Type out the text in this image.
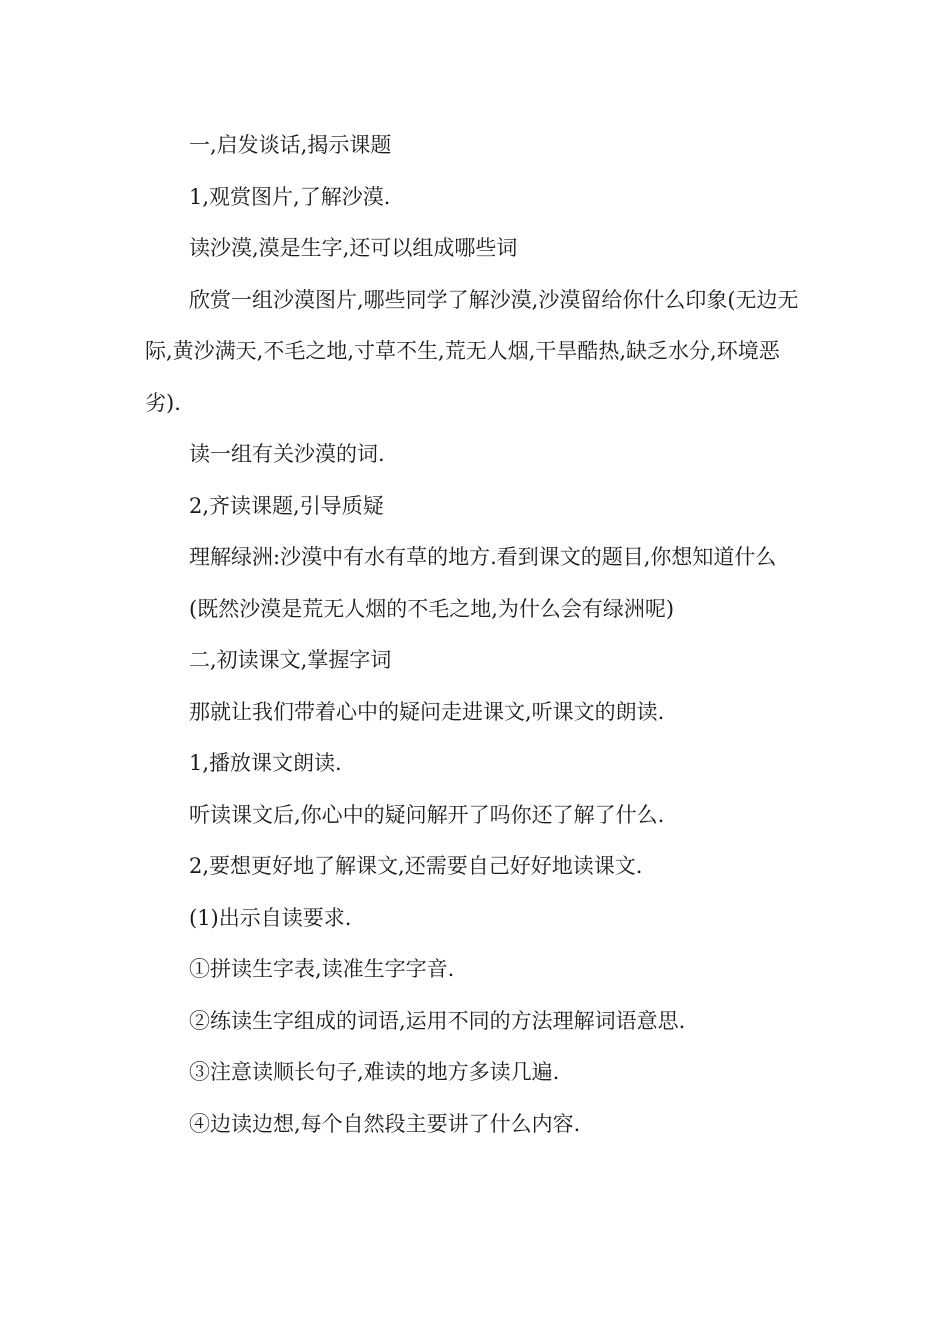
一,启发谈话,揭示课题

1,观赏图片,了解沙漠.

读沙漠,漠是生字,还可以组成哪些词

欣赏一组沙漠图片,哪些同学了解沙漠,沙漠留给你什么印象(无边无际,黄沙满天,不毛之地,寸草不生,荒无人烟,干旱酷热,缺乏水分,环境恶劣).

读一组有关沙漠的词.

2,齐读课题,引导质疑

理解绿洲:沙漠中有水有草的地方.看到课文的题目,你想知道什么

(既然沙漠是荒无人烟的不毛之地,为什么会有绿洲呢)

二,初读课文,掌握字词

那就让我们带着心中的疑问走进课文,听课文的朗读.

1,播放课文朗读.

听读课文后,你心中的疑问解开了吗你还了解了什么.

2,要想更好地了解课文,还需要自己好好地读课文.

(1)出示自读要求.

①拼读生字表,读准生字字音.

②练读生字组成的词语,运用不同的方法理解词语意思.

③注意读顺长句子,难读的地方多读几遍.

④边读边想,每个自然段主要讲了什么内容.
